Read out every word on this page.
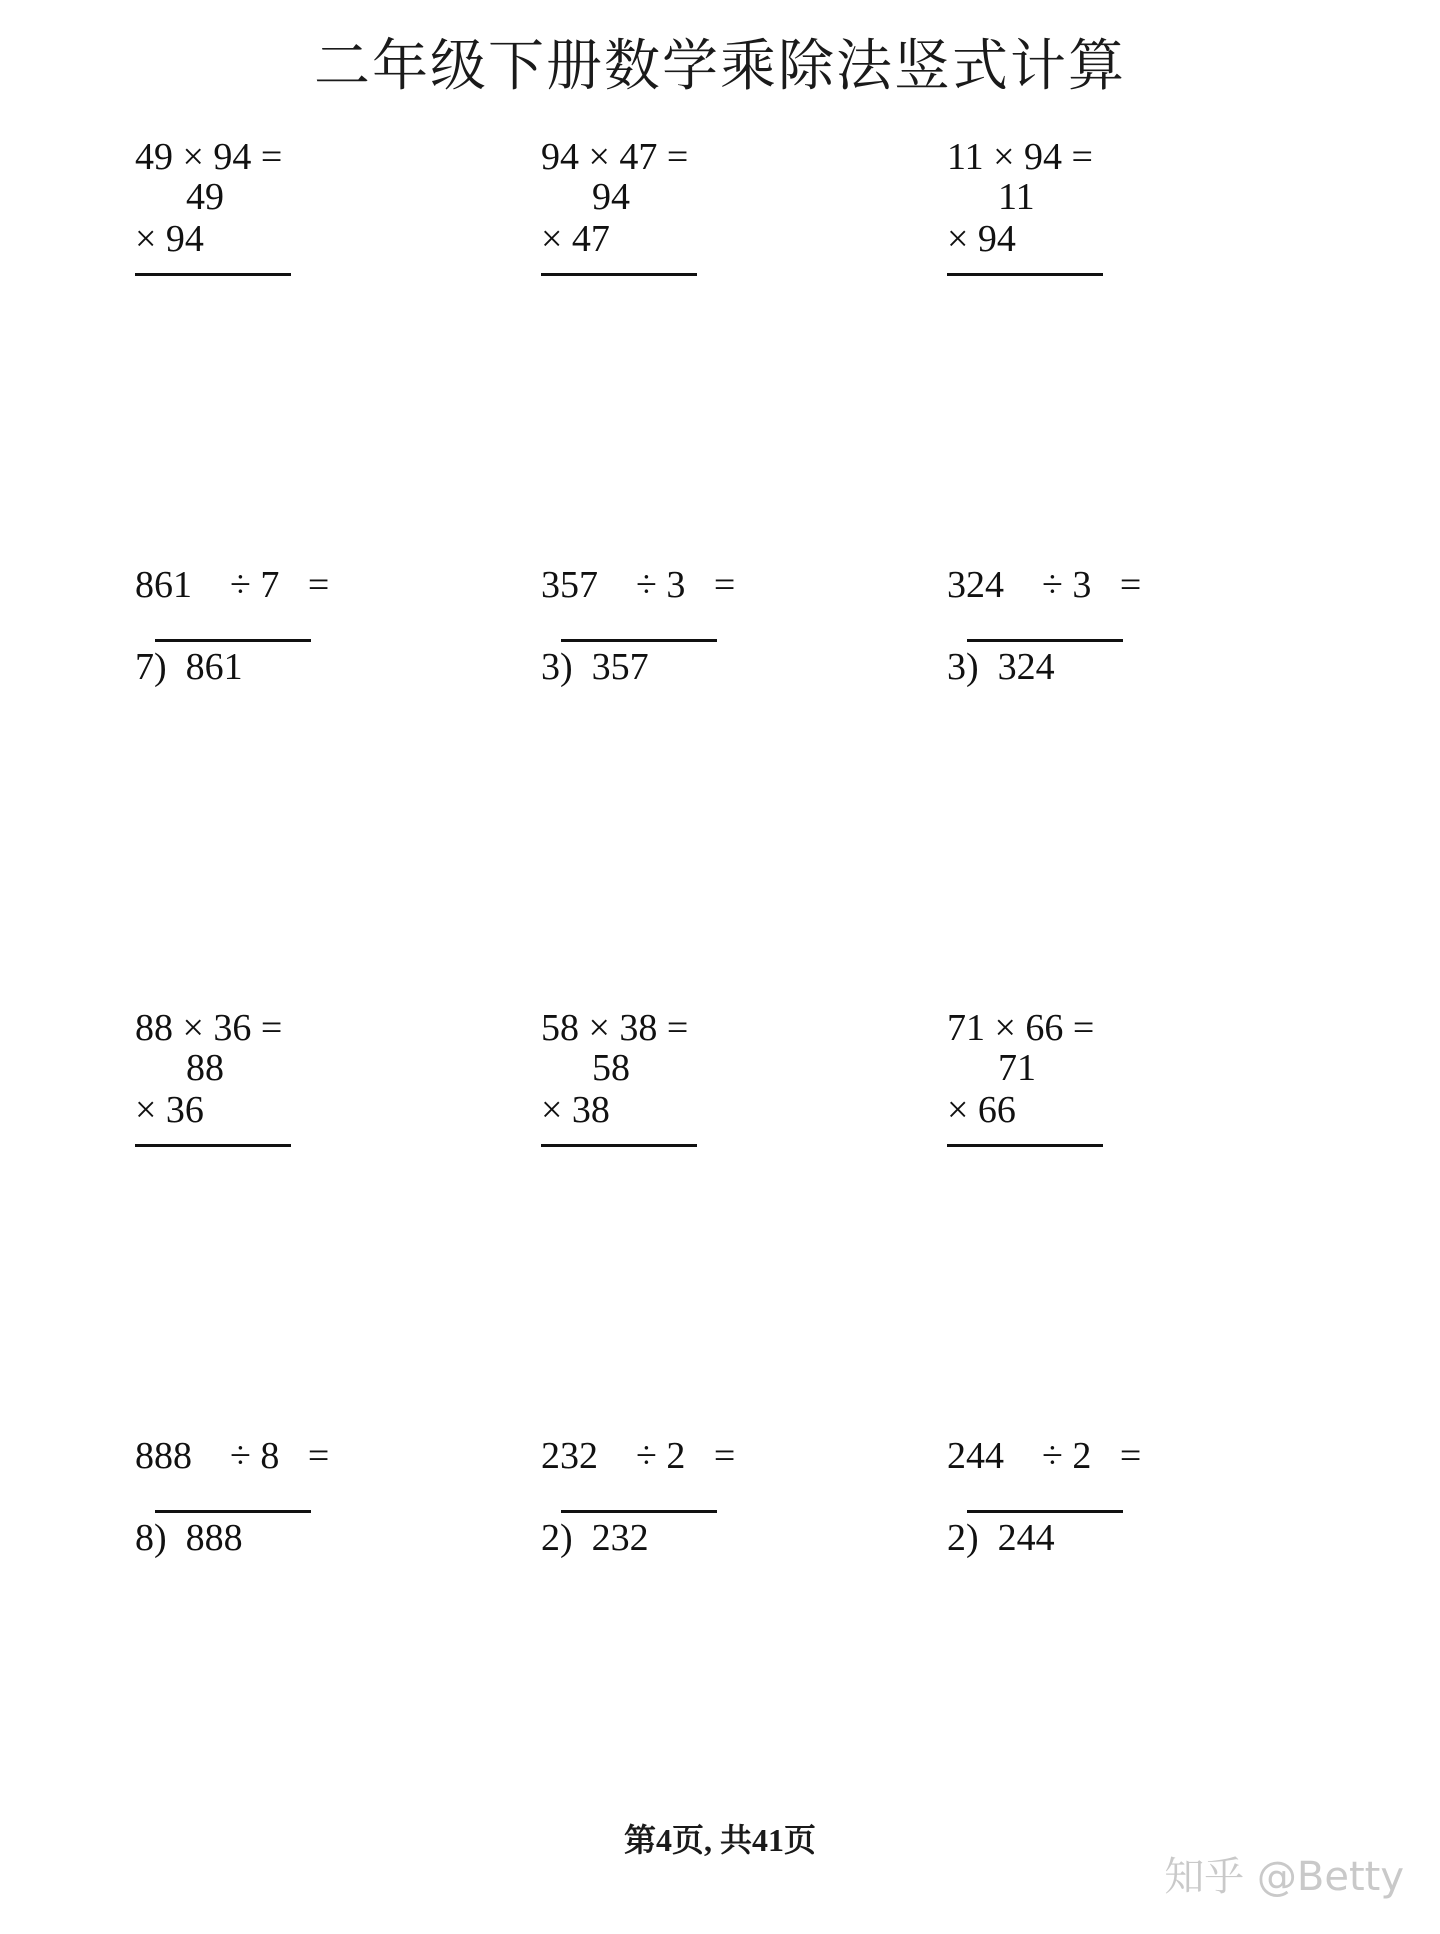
二年级下册数学乘除法竖式计算
49 × 94 =
49
× 94
94 × 47 =
94
× 47
11 × 94 =
11
× 94
861    ÷ 7   =
7)  861
357    ÷ 3   =
3)  357
324    ÷ 3   =
3)  324
88 × 36 =
88
× 36
58 × 38 =
58
× 38
71 × 66 =
71
× 66
888    ÷ 8   =
8)  888
232    ÷ 2   =
2)  232
244    ÷ 2   =
2)  244
第4页, 共41页
知乎 @Betty
